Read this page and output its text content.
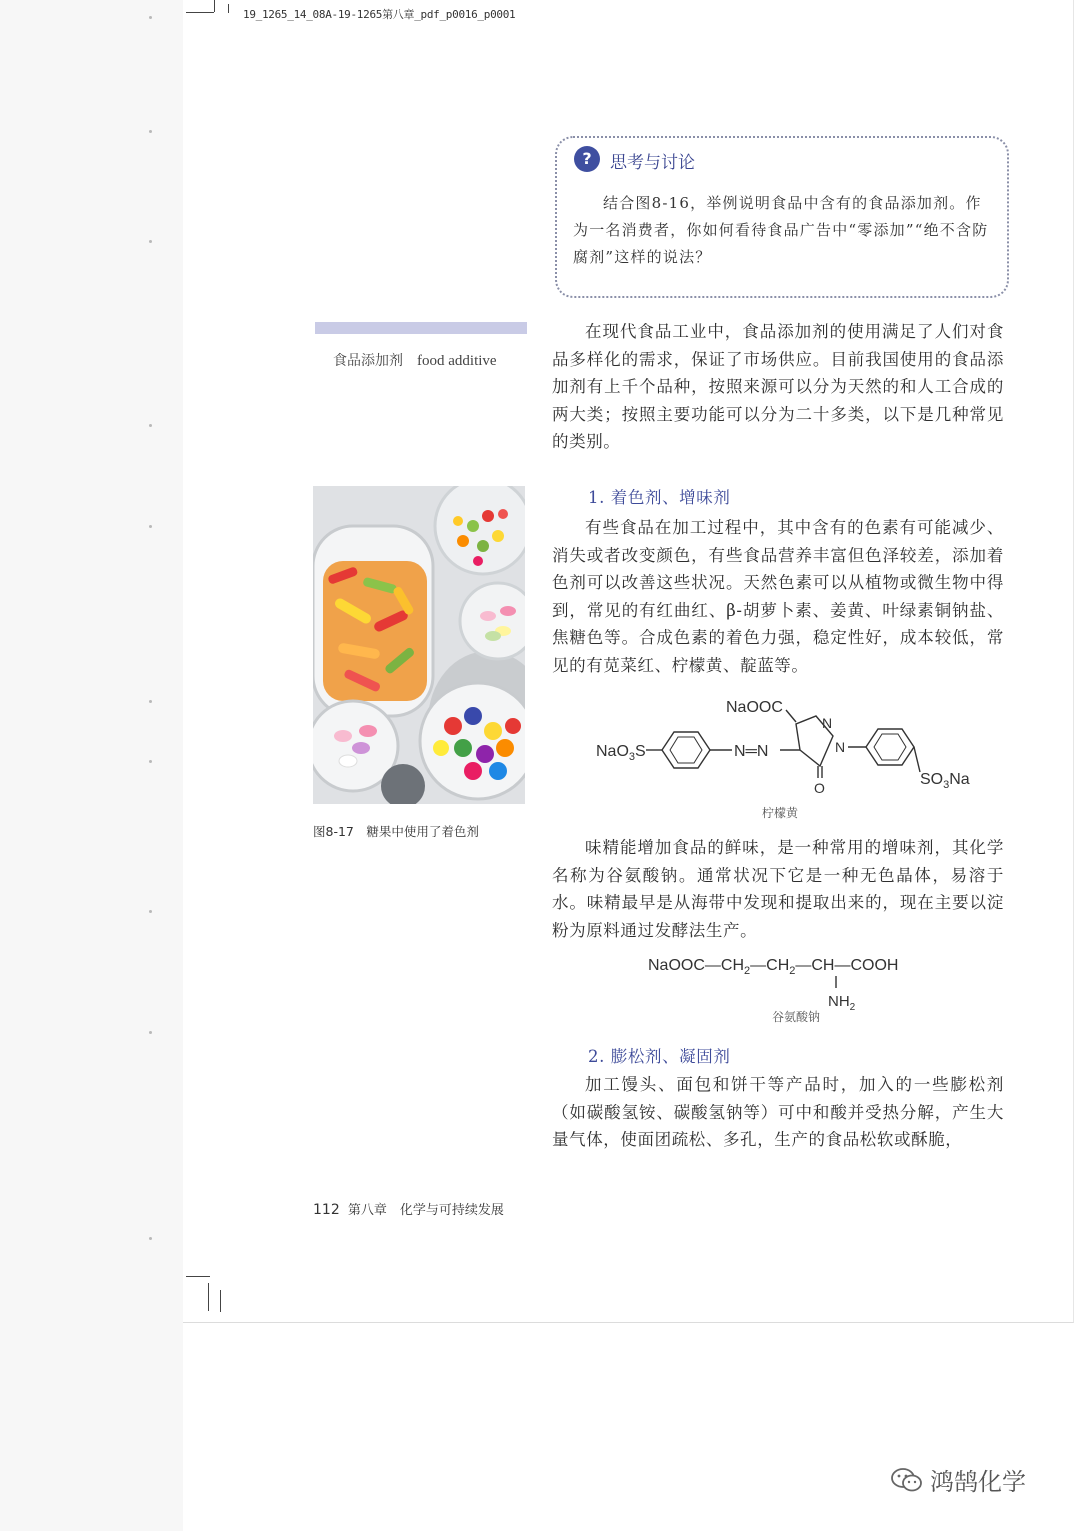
19_1265_14_08A-19-1265第八章_pdf_p0016_p0001
?	思考与讨论

结合图8-16，举例说明食品中含有的食品添加剂。作为一名消费者，你如何看待食品广告中“零添加”“绝不含防腐剂”这样的说法？

食品添加剂 food additive

在现代食品工业中，食品添加剂的使用满足了人们对食品多样化的需求，保证了市场供应。目前我国使用的食品添加剂有上千个品种，按照来源可以分为天然的和人工合成的两大类；按照主要功能可以分为二十多类，以下是几种常见的类别。

1. 着色剂、增味剂

有些食品在加工过程中，其中含有的色素有可能减少、消失或者改变颜色，有些食品营养丰富但色泽较差，添加着色剂可以改善这些状况。天然色素可以从植物或微生物中得到，常见的有红曲红、β-胡萝卜素、姜黄、叶绿素铜钠盐、焦糖色等。合成色素的着色力强，稳定性好，成本较低，常见的有苋菜红、柠檬黄、靛蓝等。

图8-17　糖果中使用了着色剂
NaO$_3$S	N═N
NaOOC
N
N
O	$SO_3Na$
柠檬黄

味精能增加食品的鲜味，是一种常用的增味剂，其化学名称为谷氨酸钠。通常状况下它是一种无色晶体，易溶于水。味精最早是从海带中发现和提取出来的，现在主要以淀粉为原料通过发酵法生产。

$NaOOC—CH_2—CH_2—CH—COOH$
$NH_2$
谷氨酸钠
2. 膨松剂、凝固剂

加工馒头、面包和饼干等产品时，加入的一些膨松剂（如碳酸氢铵、碳酸氢钠等）可中和酸并受热分解，产生大量气体，使面团疏松、多孔，生产的食品松软或酥脆，

112 第八章　化学与可持续发展
鸿鹄化学
